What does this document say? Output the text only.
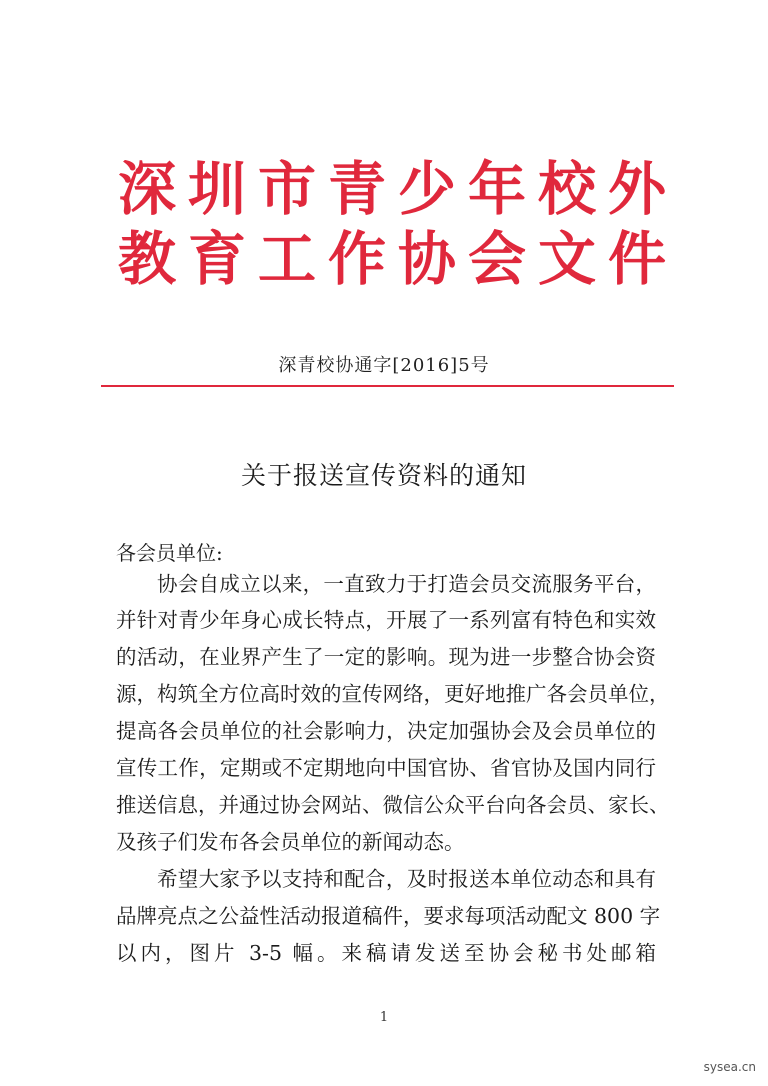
深圳市青少年校外
教育工作协会文件
深青校协通字[2016]5号
关于报送宣传资料的通知
各会员单位:
协会自成立以来，一直致力于打造会员交流服务平台，
并针对青少年身心成长特点，开展了一系列富有特色和实效
的活动，在业界产生了一定的影响。现为进一步整合协会资
源，构筑全方位高时效的宣传网络，更好地推广各会员单位，
提高各会员单位的社会影响力，决定加强协会及会员单位的
宣传工作，定期或不定期地向中国官协、省官协及国内同行
推送信息，并通过协会网站、微信公众平台向各会员、家长、
及孩子们发布各会员单位的新闻动态。
希望大家予以支持和配合，及时报送本单位动态和具有
品牌亮点之公益性活动报道稿件，要求每项活动配文 800 字
以内，图片 3-5 幅。来稿请发送至协会秘书处邮箱
1
sysea.cn
